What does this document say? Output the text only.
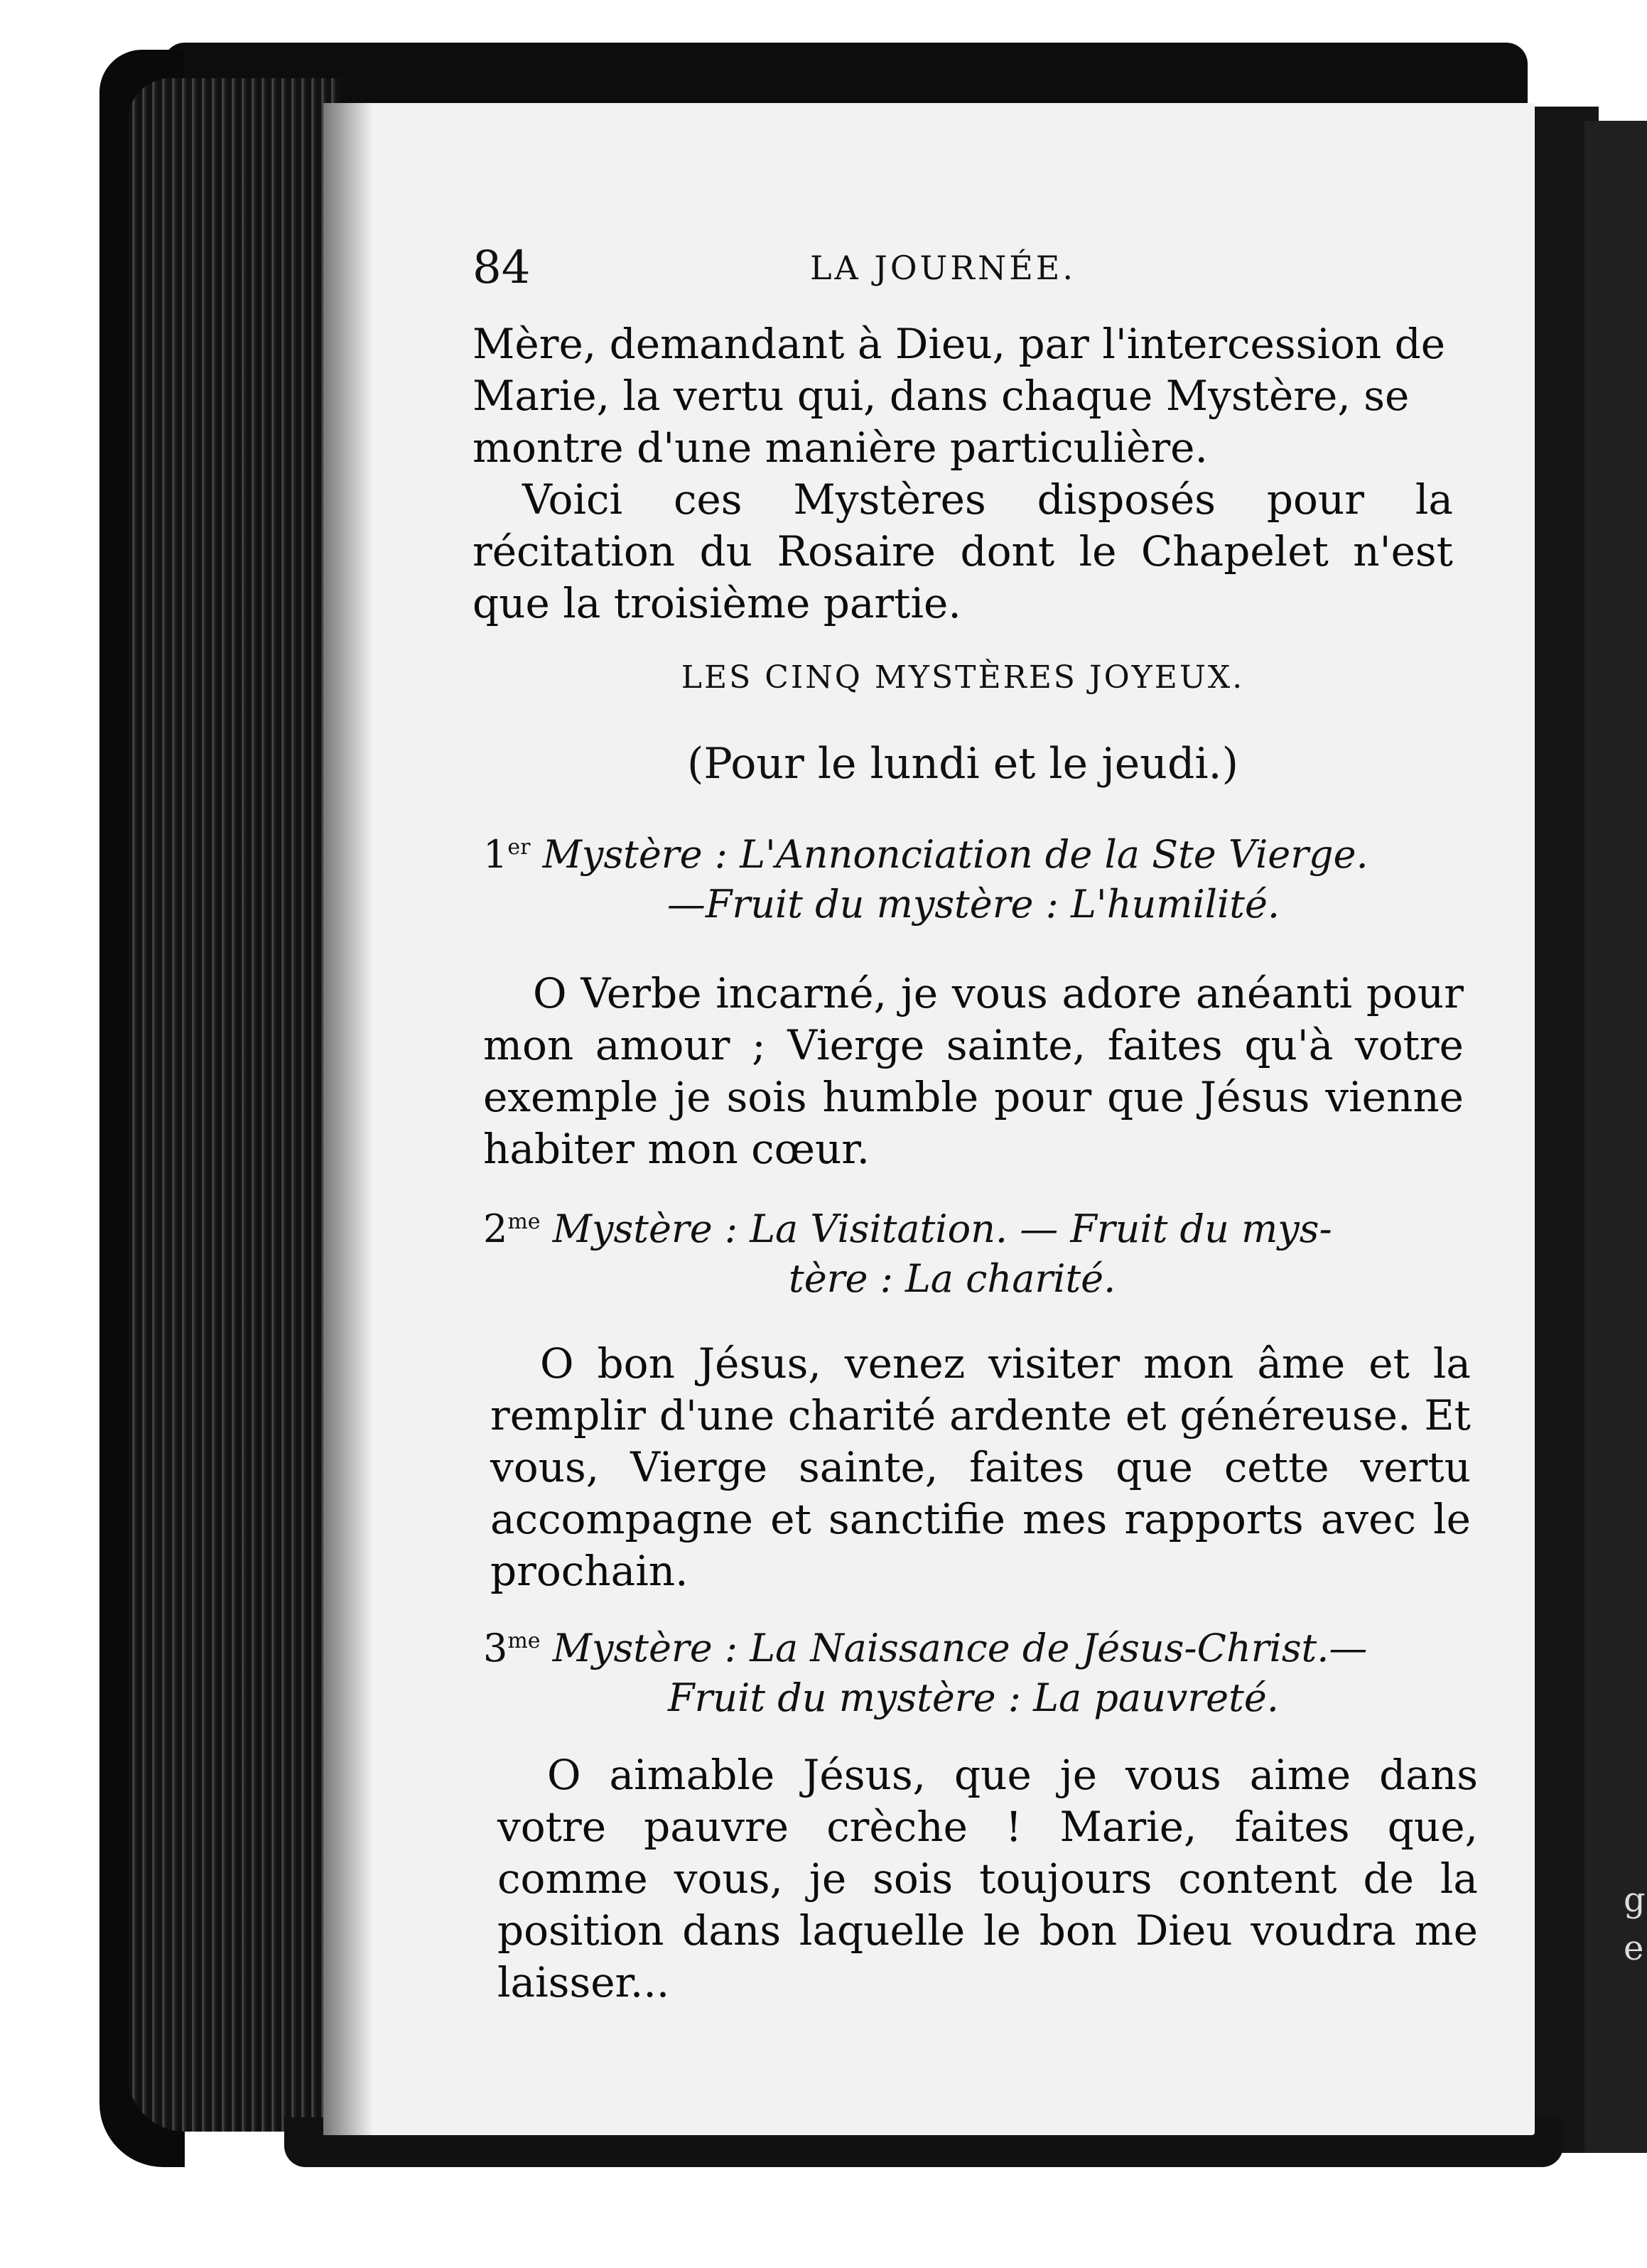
84	LA JOURNÉE.
Mère, demandant à Dieu, par l'intercession de
Marie, la vertu qui, dans chaque Mystère, se
montre d'une manière particulière.
Voici ces Mystères disposés pour la récitation du Rosaire dont le Chapelet n'est que la troisième partie.
LES CINQ MYSTÈRES JOYEUX.
(Pour le lundi et le jeudi.)
1er Mystère : L'Annonciation de la Ste Vierge.
—Fruit du mystère : L'humilité.
O Verbe incarné, je vous adore anéanti pour mon amour ; Vierge sainte, faites qu'à votre exemple je sois humble pour que Jésus vienne habiter mon cœur.
$2^{me}$ Mystère : La Visitation. — Fruit du mys-
tère : La charité.
O bon Jésus, venez visiter mon âme et la remplir d'une charité ardente et généreuse. Et vous, Vierge sainte, faites que cette vertu accompagne et sanctifie mes rapports avec le prochain.
$3^{me}$ Mystère : La Naissance de Jésus-Christ.—
Fruit du mystère : La pauvreté.
O aimable Jésus, que je vous aime dans votre pauvre crèche ! Marie, faites que, comme vous, je sois toujours content de la position dans laquelle le bon Dieu voudra me laisser...
g e
